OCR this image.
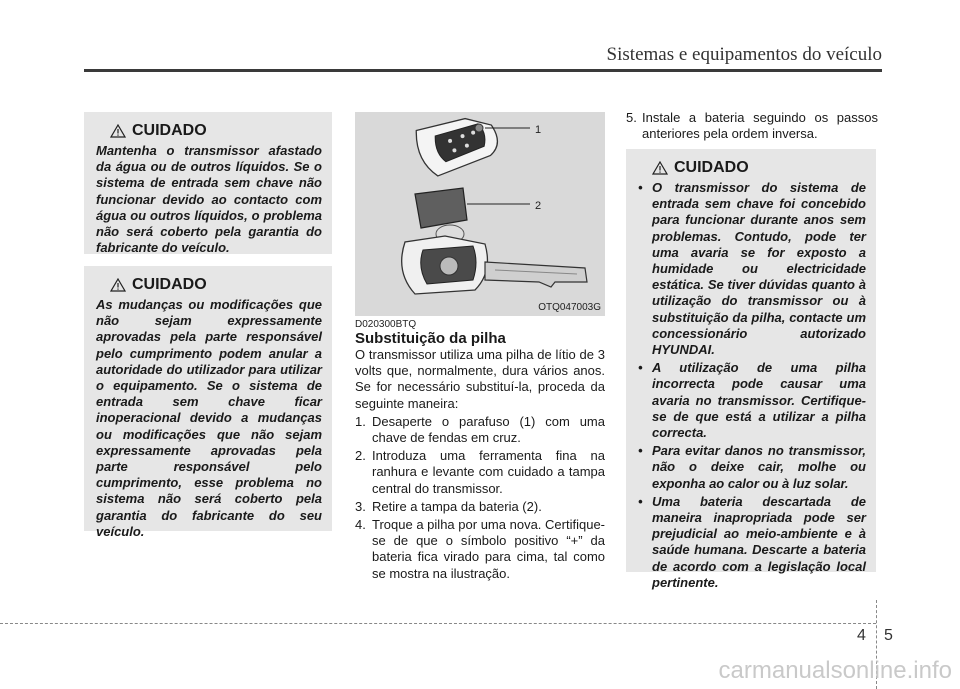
Sistemas e equipamentos do veículo
CUIDADO
Mantenha o transmissor afastado da água ou de outros líquidos. Se o sistema de entrada sem chave não funcionar devido ao contacto com água ou outros líquidos, o problema não será coberto pela garantia do fabricante do veículo.
CUIDADO
As mudanças ou modificações que não sejam expressamente aprovadas pela parte responsável pelo cumprimento podem anular a autoridade do utilizador para utilizar o equipamento. Se o sistema de entrada sem chave ficar inoperacional devido a mudanças ou modificações que não sejam expressamente aprovadas pela parte responsável pelo cumprimento, esse problema no sistema não será coberto pela garantia do fabricante do seu veículo.
1
2
OTQ047003G
D020300BTQ
Substituição da pilha

O transmissor utiliza uma pilha de lítio de 3 volts que, normalmente, dura vários anos. Se for necessário substituí-la, proceda da seguinte maneira:

1. Desaperte o parafuso (1) com uma chave de fendas em cruz.
2. Introduza uma ferramenta fina na ranhura e levante com cuidado a tampa central do transmissor.
3. Retire a tampa da bateria (2).
4. Troque a pilha por uma nova. Certifique-se de que o símbolo positivo “+” da bateria fica virado para cima, tal como se mostra na ilustração.
5. Instale a bateria seguindo os passos anteriores pela ordem inversa.
CUIDADO
• O transmissor do sistema de entrada sem chave foi concebido para funcionar durante anos sem problemas. Contudo, pode ter uma avaria se for exposto a humidade ou electricidade estática. Se tiver dúvidas quanto à utilização do transmissor ou à substituição da pilha, contacte um concessionário autorizado HYUNDAI.
• A utilização de uma pilha incorrecta pode causar uma avaria no transmissor. Certifique-se de que está a utilizar a pilha correcta.
• Para evitar danos no transmissor, não o deixe cair, molhe ou exponha ao calor ou à luz solar.
• Uma bateria descartada de maneira inapropriada pode ser prejudicial ao meio-ambiente e à saúde humana. Descarte a bateria de acordo com a legislação local pertinente.
4 5
carmanualsonline.info
